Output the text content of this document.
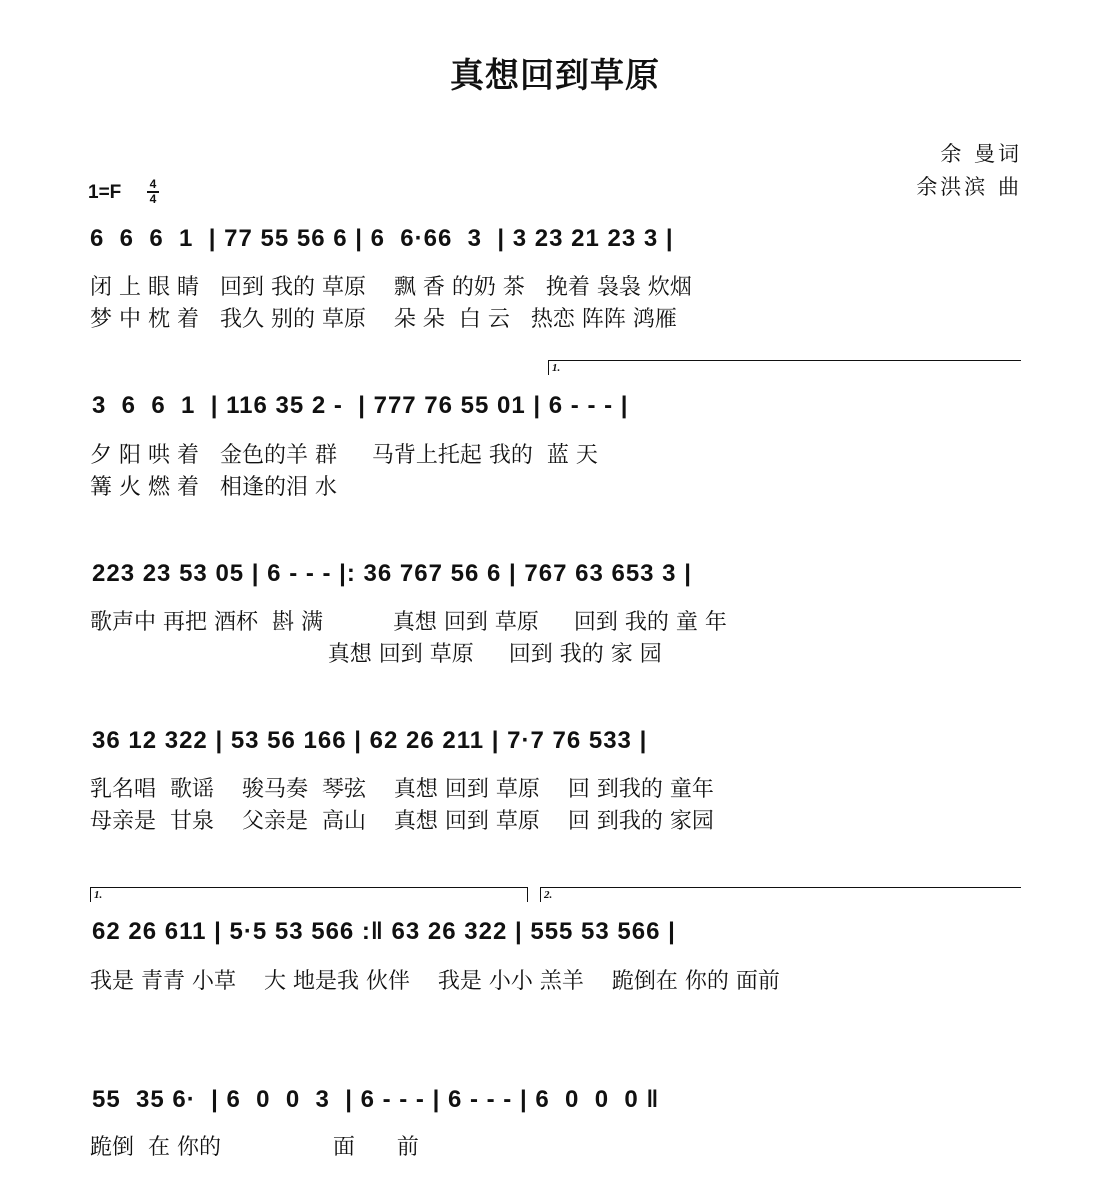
真想回到草原
余 曼词
余洪滨 曲
1=F	4
4
6  6  6  1  | 77 55 56 6 | 6  6·66  3  | 3 23 21 23 3 |
闭 上 眼 睛   回到 我的 草原    飘 香 的奶 茶   挽着 袅袅 炊烟
梦 中 枕 着   我久 别的 草原    朵 朵  白 云   热恋 阵阵 鸿雁
1.
3  6  6  1  | 116 35 2 -  | 777 76 55 01 | 6 - - - |
夕 阳 哄 着   金色的羊 群     马背上托起 我的  蓝 天
篝 火 燃 着   相逢的泪 水
223 23 53 05 | 6 - - - |: 36 767 56 6 | 767 63 653 3 |
歌声中 再把 酒杯  斟 满          真想 回到 草原     回到 我的 童 年
真想 回到 草原     回到 我的 家 园
36 12 322 | 53 56 166 | 62 26 211 | 7·7 76 533 |
乳名唱  歌谣    骏马奏  琴弦    真想 回到 草原    回 到我的 童年
母亲是  甘泉    父亲是  高山    真想 回到 草原    回 到我的 家园
1.	2.
62 26 611 | 5·5 53 566 :‖ 63 26 322 | 555 53 566 |
我是 青青 小草    大 地是我 伙伴    我是 小小 羔羊    跪倒在 你的 面前
55  35 6·  | 6  0  0  3  | 6 - - - | 6 - - - | 6  0  0  0 ‖
跪倒  在 你的                面      前
